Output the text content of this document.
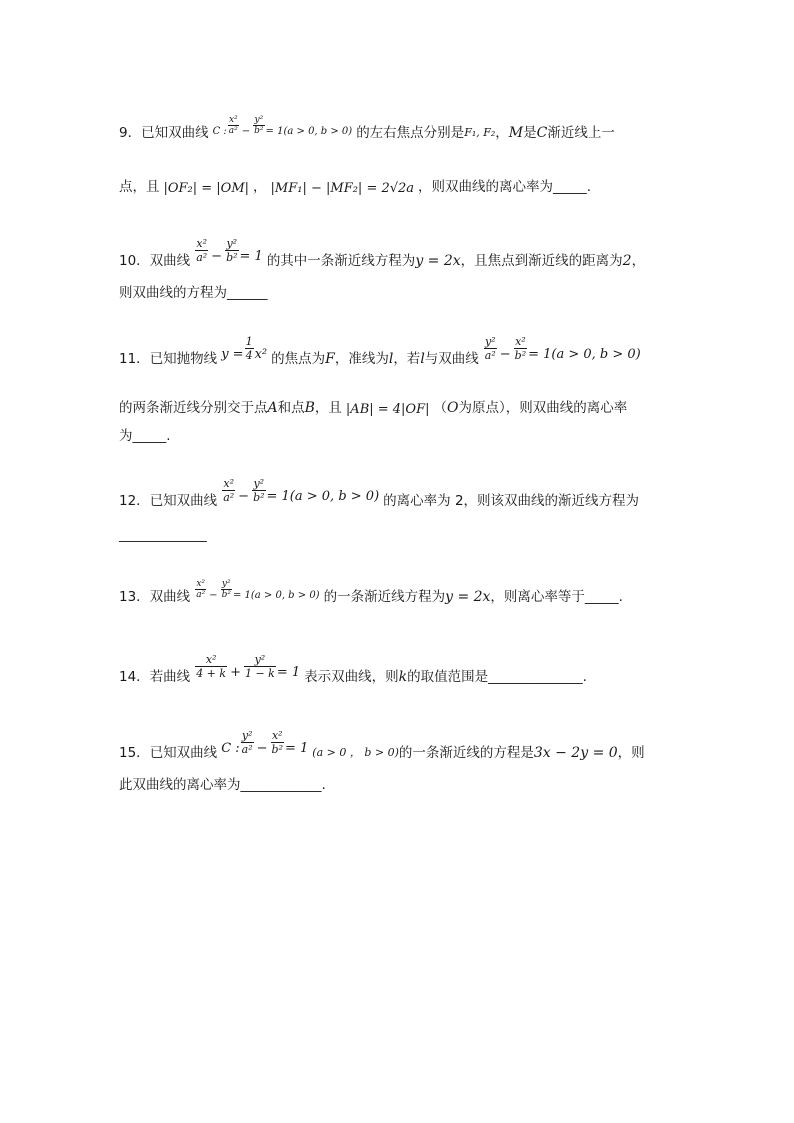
9． 已知双曲线 C : $\frac{\text{x²}}{\text{a²}} - \frac{\text{y²}}{\text{b²}} = 1(a > 0$, b > 0) 的左右焦点分别是 F₁, F₂ ， M 是 C 渐近线上一
点，且 |OF₂| = |OM| ， |MF₁| − |MF₂| = 2√2a ，则双曲线的离心率为_____.
10． 双曲线 $\frac{\text{x²}}{\text{a²}} - \frac{\text{y²}}{\text{b²}} = 1$ 的其中一条渐近线方程为 y = 2x ，且焦点到渐近线的距离为 2 ，
则双曲线的方程为______
11． 已知抛物线 $y = \frac{1}{4} x^2$ 的焦点为 F ，准线为 l ，若 l 与双曲线 $\frac{\text{y²}}{\text{a²}} - \frac{\text{x²}}{\text{b²}} = 1(a > 0$, b > 0)
的两条渐近线分别交于点 A 和点 B ，且 |AB| = 4|OF| （ O 为原点），则双曲线的离心率
为_____.
12． 已知双曲线 $\frac{\text{x²}}{\text{a²}} - \frac{\text{y²}}{\text{b²}} = 1(a > 0$, b > 0) 的离心率为 2，则该双曲线的渐近线方程为
_____________
13． 双曲线 $\frac{\text{x²}}{\text{a²}} - \frac{\text{y²}}{\text{b²}} = 1(a > 0$, b > 0) 的一条渐近线方程为 y = 2x ，则离心率等于_____.
14． 若曲线 $\frac{\text{x²}}{4 + k} + \frac{\text{y²}}{1 - k} = 1$ 表示双曲线，则 k 的取值范围是______________.
15． 已知双曲线 C : $\frac{\text{y²}}{\text{a²}} - \frac{\text{x²}}{\text{b²}} = 1$ (a > 0 ， b > 0) 的一条渐近线的方程是 3x − 2y = 0 ，则
此双曲线的离心率为____________.
